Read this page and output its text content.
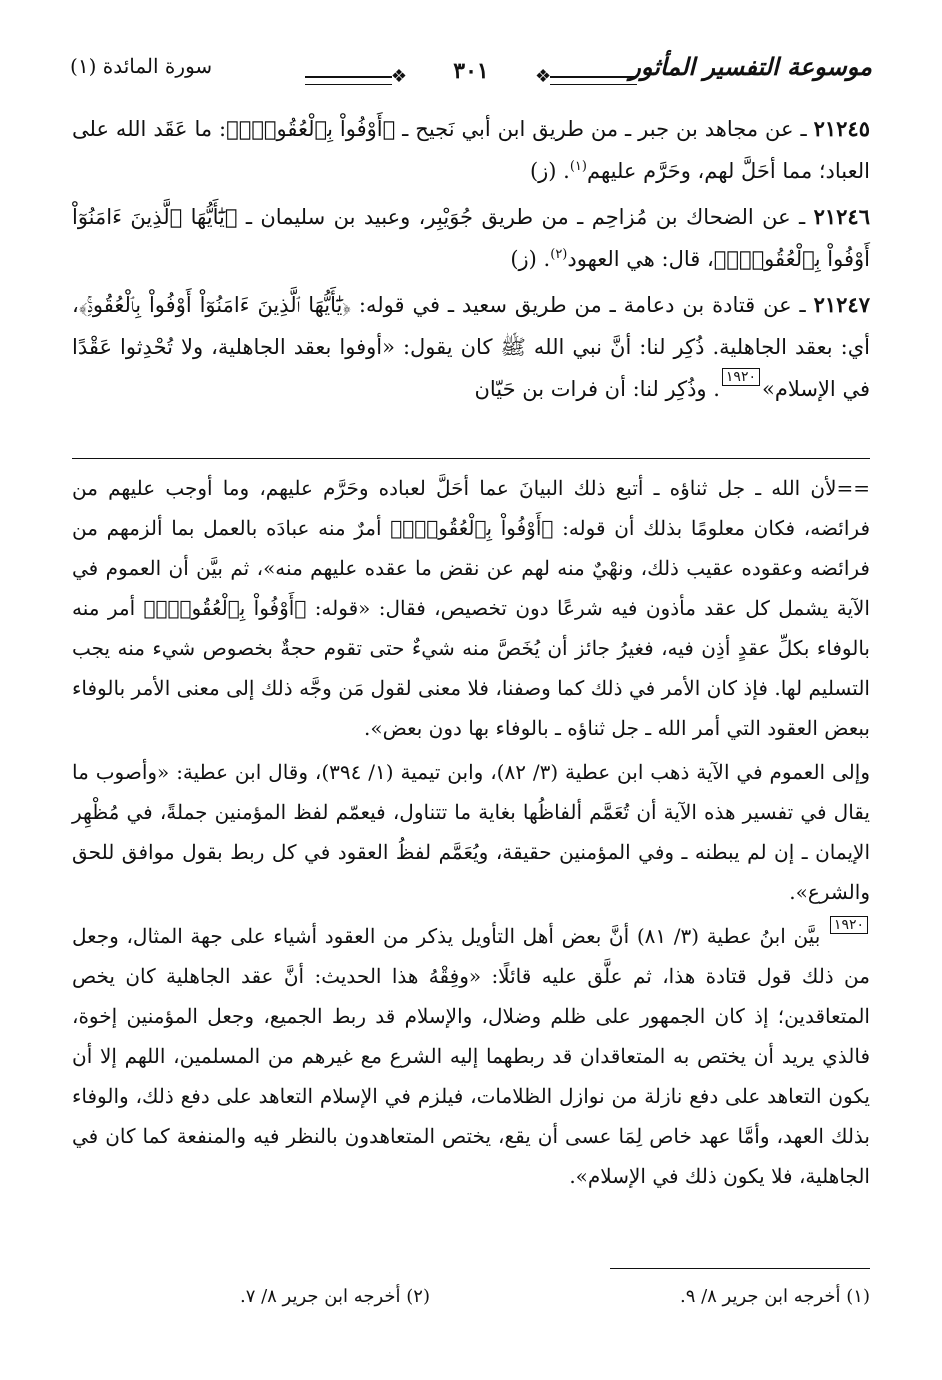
موسوعة التفسير المأثور
❖	٣٠١	❖
سورة المائدة (١)

٢١٢٤٥ ـ عن مجاهد بن جبر ـ من طريق ابن أبي نَجيح ـ ﴿أَوْفُواْ بِٱلْعُقُودِۚ﴾: ما عَقَد الله على العباد؛ مما أحَلَّ لهم، وحَرَّم عليهم$^{(١)}$. (ز)

٢١٢٤٦ ـ عن الضحاك بن مُزاحِم ـ من طريق جُوَيْبِر، وعبيد بن سليمان ـ ﴿يَٰٓأَيُّهَا ٱلَّذِينَ ءَامَنُوٓاْ أَوْفُواْ بِٱلْعُقُودِۚ﴾، قال: هي العهود$^{(٢)}$. (ز)

٢١٢٤٧ ـ عن قتادة بن دعامة ـ من طريق سعيد ـ في قوله: ﴿يَٰٓأَيُّهَا ٱلَّذِينَ ءَامَنُوٓاْ أَوْفُواْ بِٱلْعُقُودِۚ﴾، أي: بعقد الجاهلية. ذُكِر لنا: أنَّ نبي الله ﷺ كان يقول: «أوفوا بعقد الجاهلية، ولا تُحْدِثوا عَقْدًا في الإسلام»١٩٢٠. وذُكِر لنا: أن فرات بن حَيّان

==لأن الله ـ جل ثناؤه ـ أتبع ذلك البيانَ عما أحَلَّ لعباده وحَرَّم عليهم، وما أوجب عليهم من فرائضه، فكان معلومًا بذلك أن قوله: ﴿أَوْفُواْ بِٱلْعُقُودِۚ﴾ أمرٌ منه عبادَه بالعمل بما ألزمهم من فرائضه وعقوده عقيب ذلك، ونهْيٌ منه لهم عن نقض ما عقده عليهم منه»، ثم بيَّن أن العموم في الآية يشمل كل عقد مأذون فيه شرعًا دون تخصيص، فقال: «قوله: ﴿أَوْفُواْ بِٱلْعُقُودِۚ﴾ أمر منه بالوفاء بكلِّ عقدٍ أذِن فيه، فغيرُ جائز أن يُخَصَّ منه شيءٌ حتى تقوم حجةٌ بخصوص شيء منه يجب التسليم لها. فإذ كان الأمر في ذلك كما وصفنا، فلا معنى لقول مَن وجَّه ذلك إلى معنى الأمر بالوفاء ببعض العقود التي أمر الله ـ جل ثناؤه ـ بالوفاء بها دون بعض».

وإلى العموم في الآية ذهب ابن عطية (٣/ ٨٢)، وابن تيمية (١/ ٣٩٤)، وقال ابن عطية: «وأصوب ما يقال في تفسير هذه الآية أن تُعَمَّم ألفاظُها بغاية ما تتناول، فيعمّم لفظ المؤمنين جملةً، في مُظْهِر الإيمان ـ إن لم يبطنه ـ وفي المؤمنين حقيقة، ويُعَمَّم لفظُ العقود في كل ربط بقول موافق للحق والشرع».

١٩٢٠ بيَّن ابنُ عطية (٣/ ٨١) أنَّ بعض أهل التأويل يذكر من العقود أشياء على جهة المثال، وجعل من ذلك قول قتادة هذا، ثم علَّق عليه قائلًا: «وفِقْهُ هذا الحديث: أنَّ عقد الجاهلية كان يخص المتعاقدين؛ إذ كان الجمهور على ظلم وضلال، والإسلام قد ربط الجميع، وجعل المؤمنين إخوة، فالذي يريد أن يختص به المتعاقدان قد ربطهما إليه الشرع مع غيرهم من المسلمين، اللهم إلا أن يكون التعاهد على دفع نازلة من نوازل الظلامات، فيلزم في الإسلام التعاهد على دفع ذلك، والوفاء بذلك العهد، وأمَّا عهد خاص لِمَا عسى أن يقع، يختص المتعاهدون بالنظر فيه والمنفعة كما كان في الجاهلية، فلا يكون ذلك في الإسلام».

(١) أخرجه ابن جرير ٨/ ٩.
(٢) أخرجه ابن جرير ٨/ ٧.
